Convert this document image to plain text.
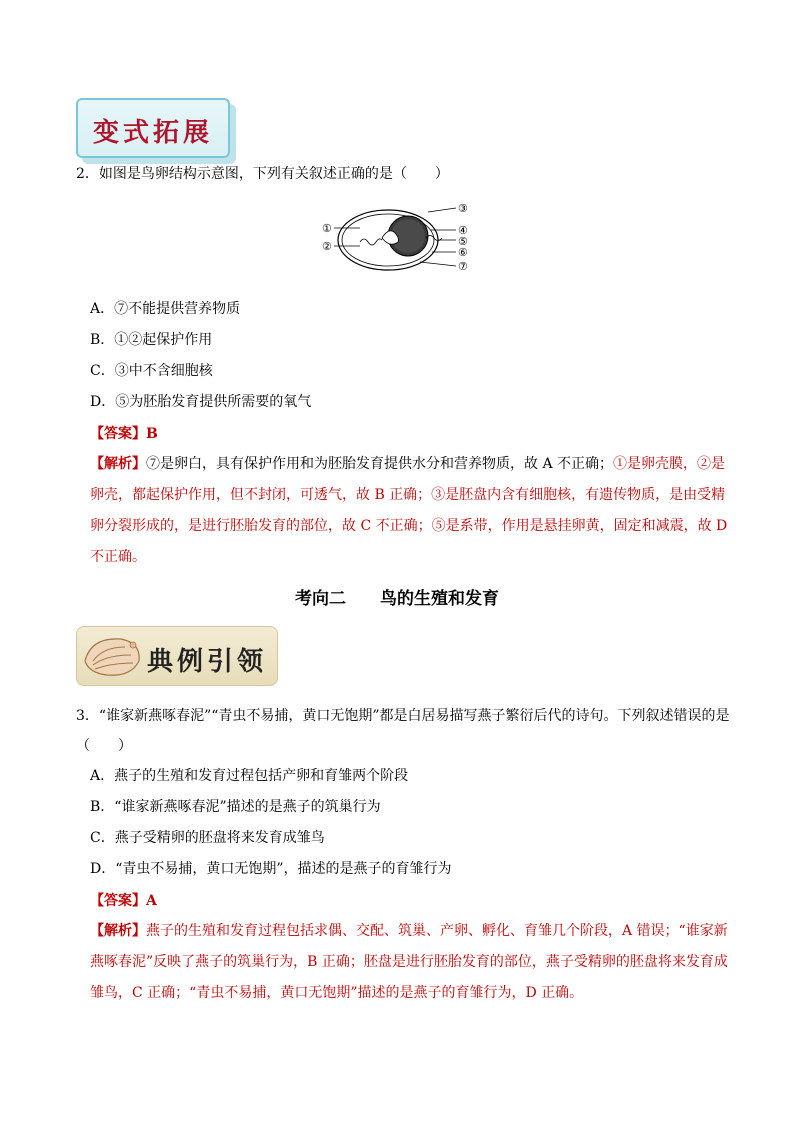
变式拓展
2．如图是鸟卵结构示意图，下列有关叙述正确的是（　　）
①
②
③
④
⑤
⑥
⑦
A．⑦不能提供营养物质
B．①②起保护作用
C．③中不含细胞核
D．⑤为胚胎发育提供所需要的氧气
【答案】B
【解析】⑦是卵白，具有保护作用和为胚胎发育提供水分和营养物质，故 A 不正确；①是卵壳膜，②是卵壳，都起保护作用，但不封闭，可透气，故 B 正确；③是胚盘内含有细胞核，有遗传物质，是由受精卵分裂形成的，是进行胚胎发育的部位，故 C 不正确；⑤是系带，作用是悬挂卵黄，固定和减震，故 D 不正确。
考向二　　鸟的生殖和发育
典例引领
3．“谁家新燕啄春泥”“青虫不易捕，黄口无饱期”都是白居易描写燕子繁衍后代的诗句。下列叙述错误的是
（　　）
A．燕子的生殖和发育过程包括产卵和育雏两个阶段
B．“谁家新燕啄春泥”描述的是燕子的筑巢行为
C．燕子受精卵的胚盘将来发育成雏鸟
D．“青虫不易捕，黄口无饱期”，描述的是燕子的育雏行为
【答案】A
【解析】燕子的生殖和发育过程包括求偶、交配、筑巢、产卵、孵化、育雏几个阶段，A 错误；“谁家新燕啄春泥”反映了燕子的筑巢行为，B 正确；胚盘是进行胚胎发育的部位，燕子受精卵的胚盘将来发育成雏鸟，C 正确；“青虫不易捕，黄口无饱期”描述的是燕子的育雏行为，D 正确。
